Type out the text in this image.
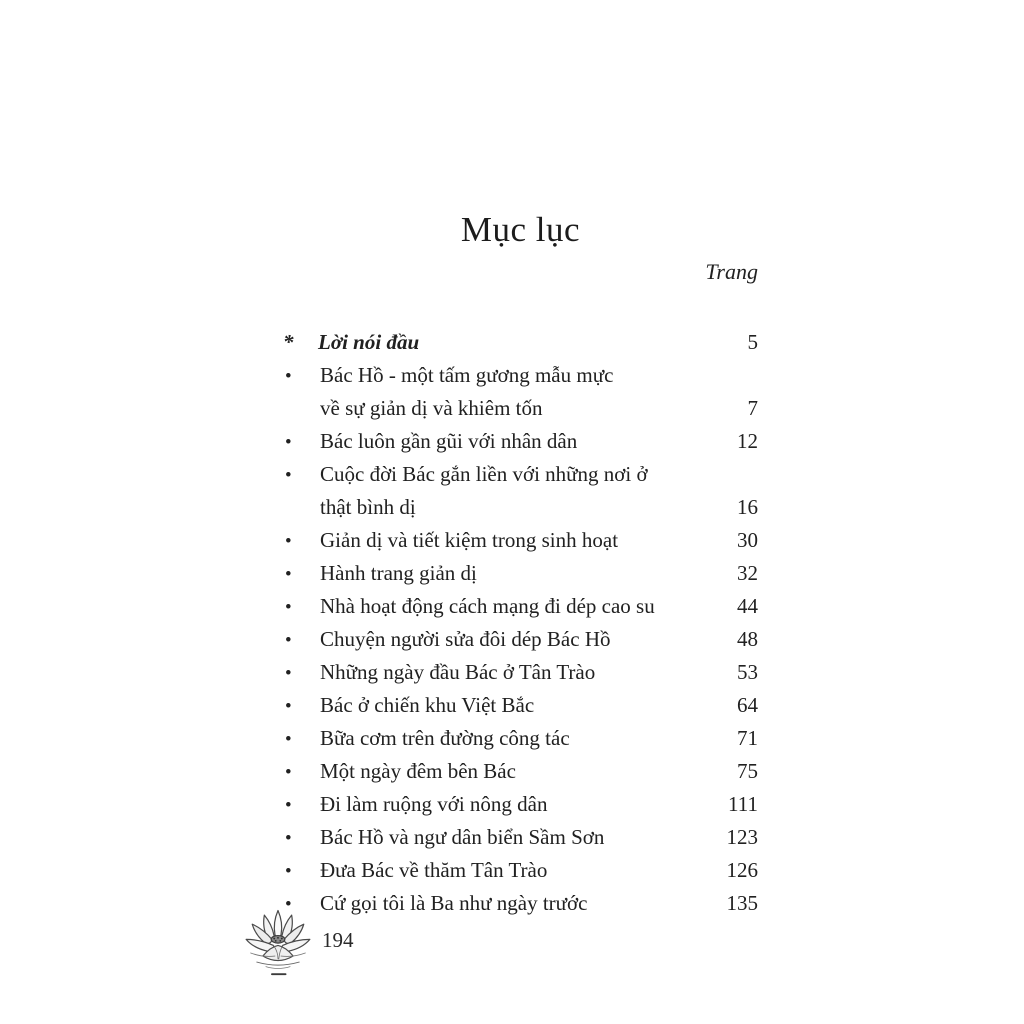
Mục lục
Trang
*	Lời nói đầu	5
•	Bác Hồ - một tấm gương mẫu mực
về sự giản dị và khiêm tốn	7
•	Bác luôn gần gũi với nhân dân	12
•	Cuộc đời Bác gắn liền với những nơi ở
thật bình dị	16
•	Giản dị và tiết kiệm trong sinh hoạt	30
•	Hành trang giản dị	32
•	Nhà hoạt động cách mạng đi dép cao su	44
•	Chuyện người sửa đôi dép Bác Hồ	48
•	Những ngày đầu Bác ở Tân Trào	53
•	Bác ở chiến khu Việt Bắc	64
•	Bữa cơm trên đường công tác	71
•	Một ngày đêm bên Bác	75
•	Đi làm ruộng với nông dân	111
•	Bác Hồ và ngư dân biển Sầm Sơn	123
•	Đưa Bác về thăm Tân Trào	126
•	Cứ gọi tôi là Ba như ngày trước	135
194
